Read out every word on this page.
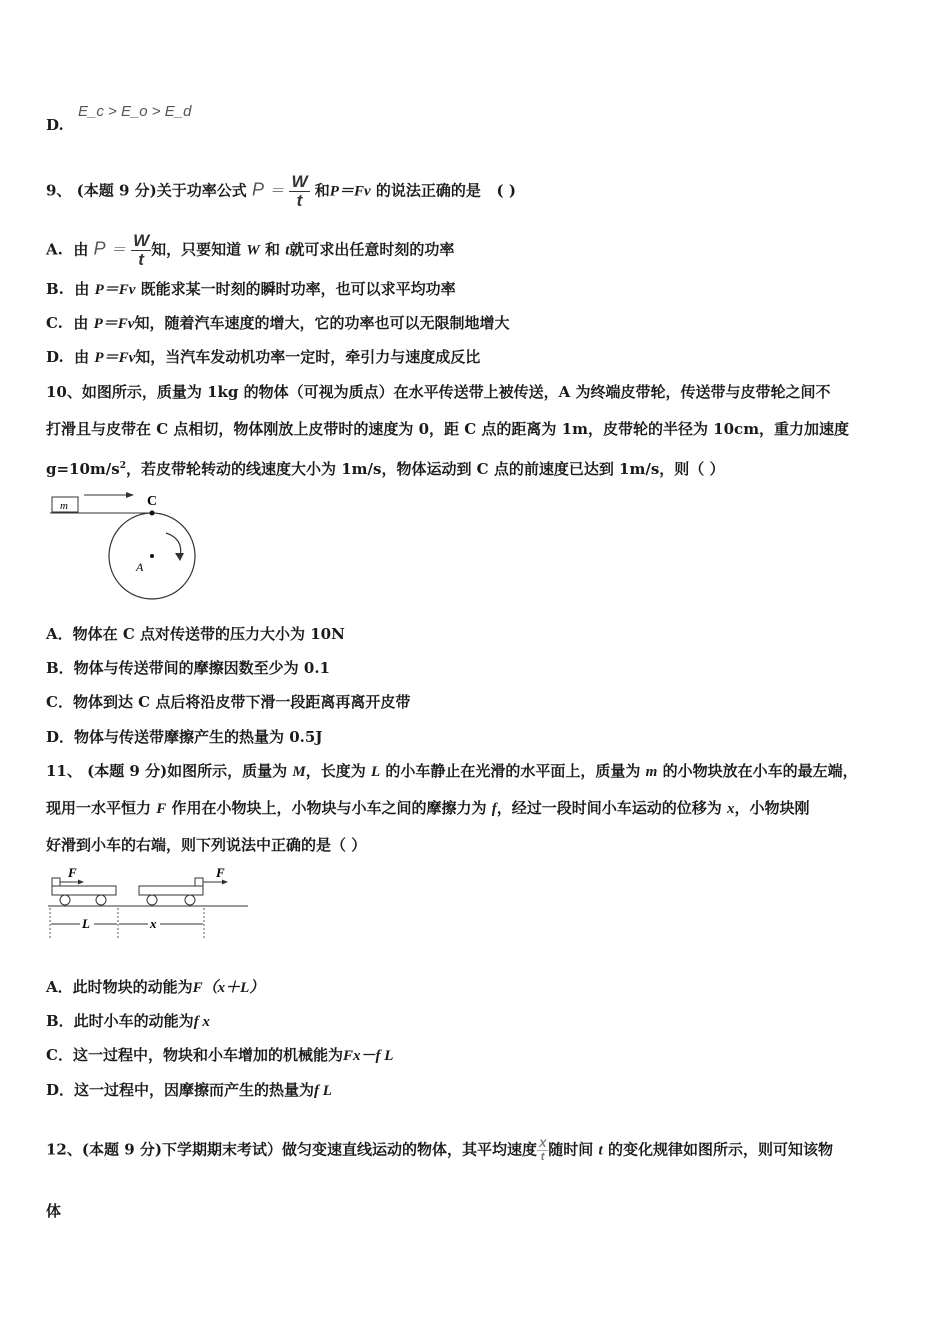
D.
E_c > E_o > E_d
9、 (本题 9 分)关于功率公式 $P = \frac{W}{t}$ 和P＝Fv 的说法正确的是 ( )
A. 由 $P = \frac{W}{t}$ 知，只要知道 W 和 t就可求出任意时刻的功率
B. 由 P＝Fv 既能求某一时刻的瞬时功率，也可以求平均功率
C. 由 P＝Fv知，随着汽车速度的增大，它的功率也可以无限制地增大
D. 由 P＝Fv知，当汽车发动机功率一定时，牵引力与速度成反比
10、如图所示，质量为 1kg 的物体（可视为质点）在水平传送带上被传送，A 为终端皮带轮，传送带与皮带轮之间不
打滑且与皮带在 C 点相切，物体刚放上皮带时的速度为 0，距 C 点的距离为 1m，皮带轮的半径为 10cm，重力加速度
$g=10m/s^2$，若皮带轮转动的线速度大小为 1m/s，物体运动到 C 点的前速度已达到 1m/s，则（ ）
m	C
A
A．物体在 C 点对传送带的压力大小为 10N
B．物体与传送带间的摩擦因数至少为 0.1
C．物体到达 C 点后将沿皮带下滑一段距离再离开皮带
D．物体与传送带摩擦产生的热量为 0.5J
11、 (本题 9 分)如图所示，质量为 M，长度为 L 的小车静止在光滑的水平面上，质量为 m 的小物块放在小车的最左端，
现用一水平恒力 F 作用在小物块上，小物块与小车之间的摩擦力为 f，经过一段时间小车运动的位移为 x，小物块刚
好滑到小车的右端，则下列说法中正确的是（ ）
F	F
L	x
A．此时物块的动能为F（x＋L）
B．此时小车的动能为f x
C．这一过程中，物块和小车增加的机械能为Fx－f L
D．这一过程中，因摩擦而产生的热量为f L
12、(本题 9 分)下学期期末考试）做匀变速直线运动的物体，其平均速度 $\frac{X}{t}$ 随时间 t 的变化规律如图所示，则可知该物
体
